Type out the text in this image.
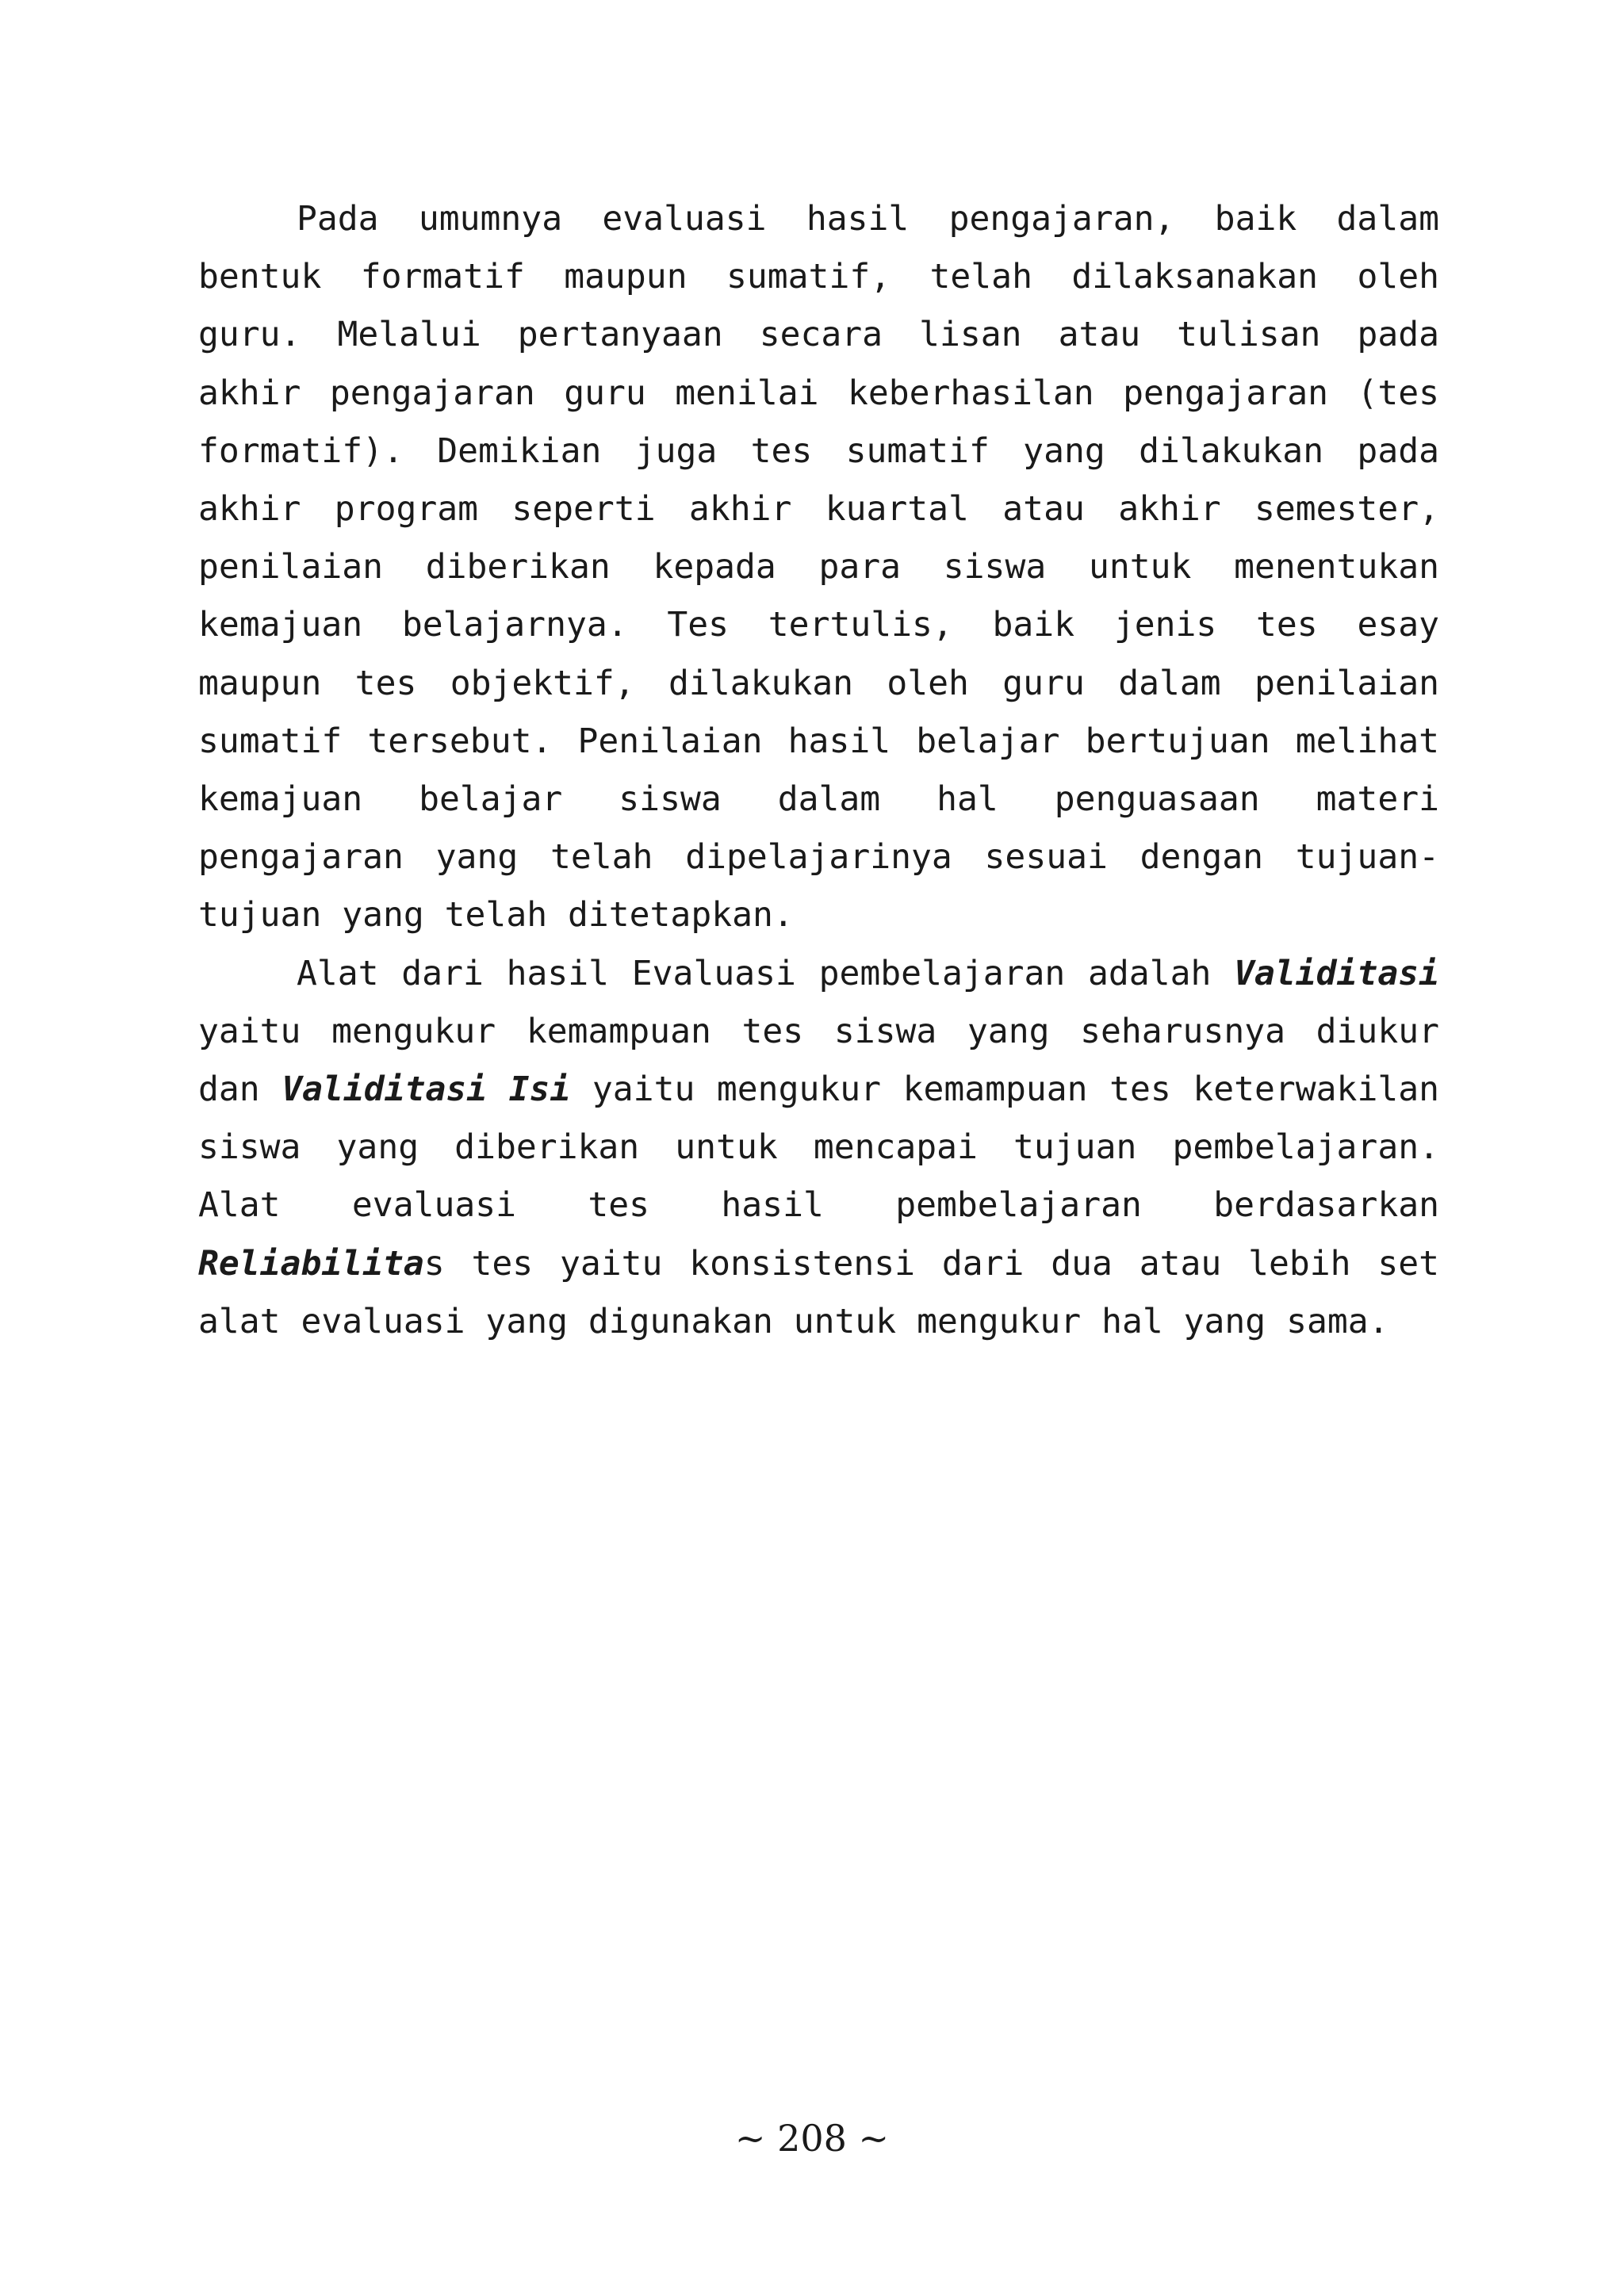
Pada umumnya evaluasi hasil pengajaran, baik dalam bentuk formatif maupun sumatif, telah dilaksanakan oleh guru. Melalui pertanyaan secara lisan atau tulisan pada akhir pengajaran guru menilai keberhasilan pengajaran (tes formatif). Demikian juga tes sumatif yang dilakukan pada akhir program seperti akhir kuartal atau akhir semester, penilaian diberikan kepada para siswa untuk menentukan kemajuan belajarnya. Tes tertulis, baik jenis tes esay maupun tes objektif, dilakukan oleh guru dalam penilaian sumatif tersebut. Penilaian hasil belajar bertujuan melihat kemajuan belajar siswa dalam hal penguasaan materi pengajaran yang telah dipelajarinya sesuai dengan tujuan-tujuan yang telah ditetapkan.

Alat dari hasil Evaluasi pembelajaran adalah Validitasi yaitu mengukur kemampuan tes siswa yang seharusnya diukur dan Validitasi Isi yaitu mengukur kemampuan tes keterwakilan siswa yang diberikan untuk mencapai tujuan pembelajaran. Alat evaluasi tes hasil pembelajaran berdasarkan Reliabilitas tes yaitu konsistensi dari dua atau lebih set alat evaluasi yang digunakan untuk mengukur hal yang sama.

~ 208 ~
